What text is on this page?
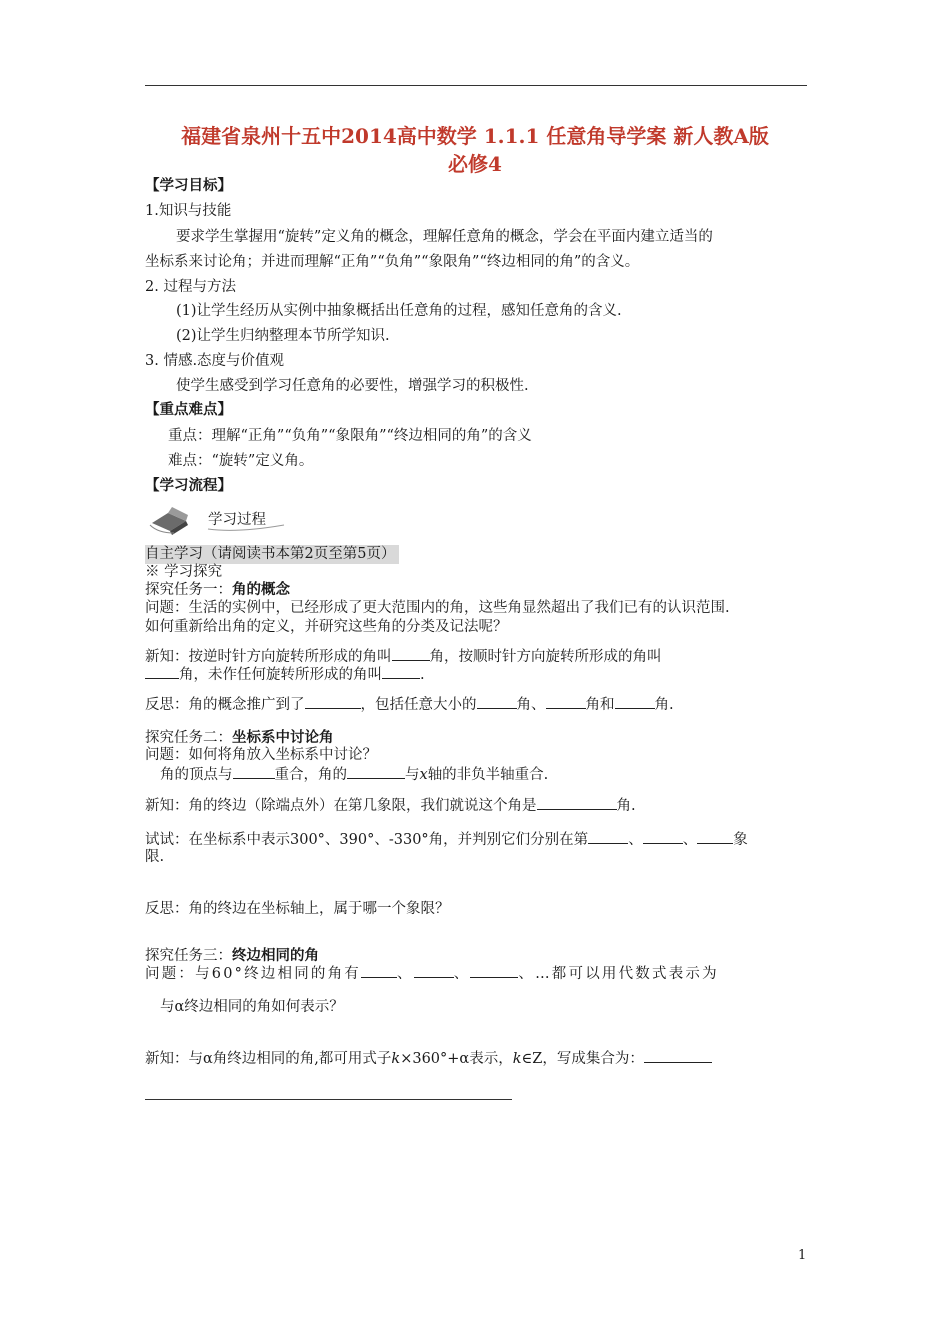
福建省泉州十五中2014高中数学 1.1.1 任意角导学案 新人教A版
必修4
【学习目标】
1.知识与技能
要求学生掌握用“旋转”定义角的概念，理解任意角的概念，学会在平面内建立适当的
坐标系来讨论角；并进而理解“正角”“负角”“象限角”“终边相同的角”的含义。
2. 过程与方法
(1)让学生经历从实例中抽象概括出任意角的过程，感知任意角的含义.
(2)让学生归纳整理本节所学知识.
3. 情感.态度与价值观
使学生感受到学习任意角的必要性，增强学习的积极性.
【重点难点】
重点：理解“正角”“负角”“象限角”“终边相同的角”的含义
难点：“旋转”定义角。
【学习流程】
学习过程
自主学习（请阅读书本第2页至第5页）
※ 学习探究
探究任务一：角的概念
问题：生活的实例中，已经形成了更大范围内的角，这些角显然超出了我们已有的认识范围.
如何重新给出角的定义，并研究这些角的分类及记法呢？
新知：按逆时针方向旋转所形成的角叫	角，按顺时针方向旋转所形成的角叫
角，未作任何旋转所形成的角叫	.
反思：角的概念推广到了	，包括任意大小的	角、	角和	角.
探究任务二：坐标系中讨论角
问题：如何将角放入坐标系中讨论？
角的顶点与	重合，角的	与x轴的非负半轴重合.
新知：角的终边（除端点外）在第几象限，我们就说这个角是	角.
试试：在坐标系中表示300°、390°、-330°角，并判别它们分别在第	、	、 象
限.
反思：角的终边在坐标轴上，属于哪一个象限？
探究任务三：终边相同的角
问题：与60°终边相同的角有 、	、	、…都可以用代数式表示为
与α终边相同的角如何表示？
新知：与α角终边相同的角,都可用式子k×360°+α表示，k∈Z，写成集合为：
1
